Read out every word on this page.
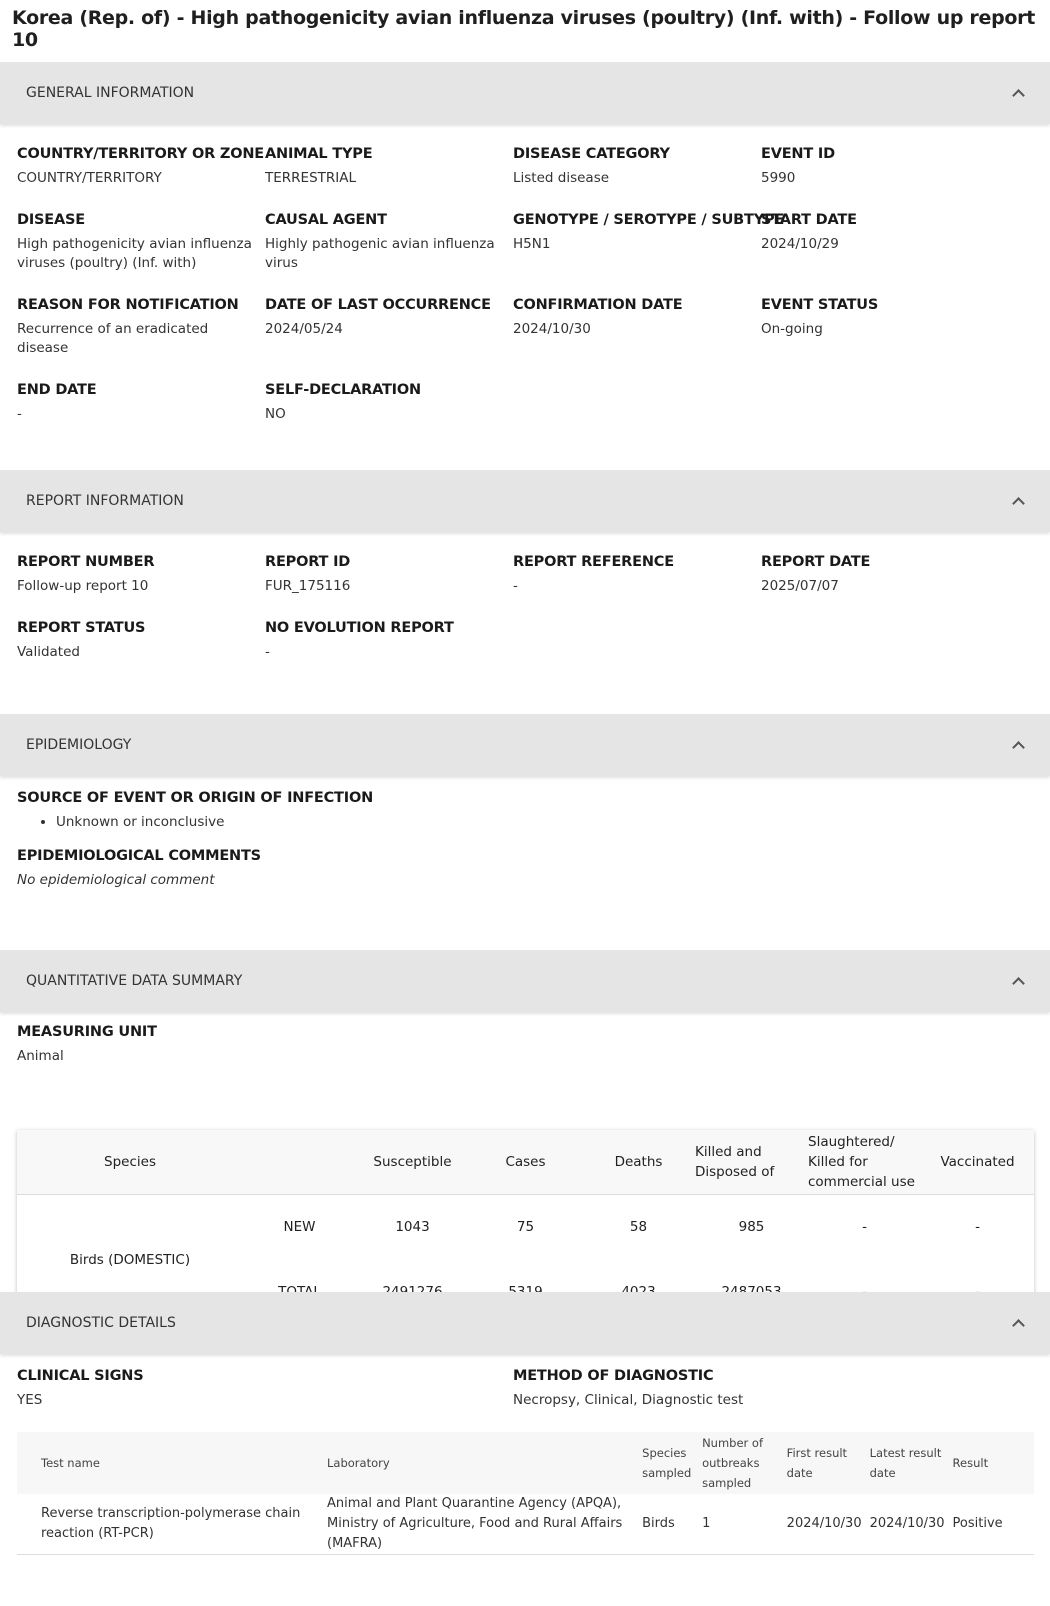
Korea (Rep. of) - High pathogenicity avian influenza viruses (poultry) (Inf. with) - Follow up report 10
GENERAL INFORMATION
COUNTRY/TERRITORY OR ZONE
COUNTRY/TERRITORY
ANIMAL TYPE
TERRESTRIAL
DISEASE CATEGORY
Listed disease
EVENT ID
5990
DISEASE
High pathogenicity avian influenza viruses (poultry) (Inf. with)
CAUSAL AGENT
Highly pathogenic avian influenza virus
GENOTYPE / SEROTYPE / SUBTYPE
H5N1
START DATE
2024/10/29
REASON FOR NOTIFICATION
Recurrence of an eradicated disease
DATE OF LAST OCCURRENCE
2024/05/24
CONFIRMATION DATE
2024/10/30
EVENT STATUS
On-going
END DATE
-
SELF-DECLARATION
NO
REPORT INFORMATION
REPORT NUMBER
Follow-up report 10
REPORT ID
FUR_175116
REPORT REFERENCE
-
REPORT DATE
2025/07/07
REPORT STATUS
Validated
NO EVOLUTION REPORT
-
EPIDEMIOLOGY
SOURCE OF EVENT OR ORIGIN OF INFECTION
• Unknown or inconclusive
EPIDEMIOLOGICAL COMMENTS
No epidemiological comment
QUANTITATIVE DATA SUMMARY
MEASURING UNIT
Animal
Species		Susceptible	Cases	Deaths	Killed and Disposed of	Slaughtered/ Killed for commercial use	Vaccinated
Birds (DOMESTIC)	NEW	1043	75	58	985	-	-

DIAGNOSTIC DETAILS
CLINICAL SIGNS
YES
METHOD OF DIAGNOSTIC
Necropsy, Clinical, Diagnostic test
Test name	Laboratory	Species sampled	Number of outbreaks sampled	First result date	Latest result date	Result
Reverse transcription-polymerase chain reaction (RT-PCR)	Animal and Plant Quarantine Agency (APQA), Ministry of Agriculture, Food and Rural Affairs (MAFRA)	Birds	1	2024/10/30	2024/10/30	Positive
